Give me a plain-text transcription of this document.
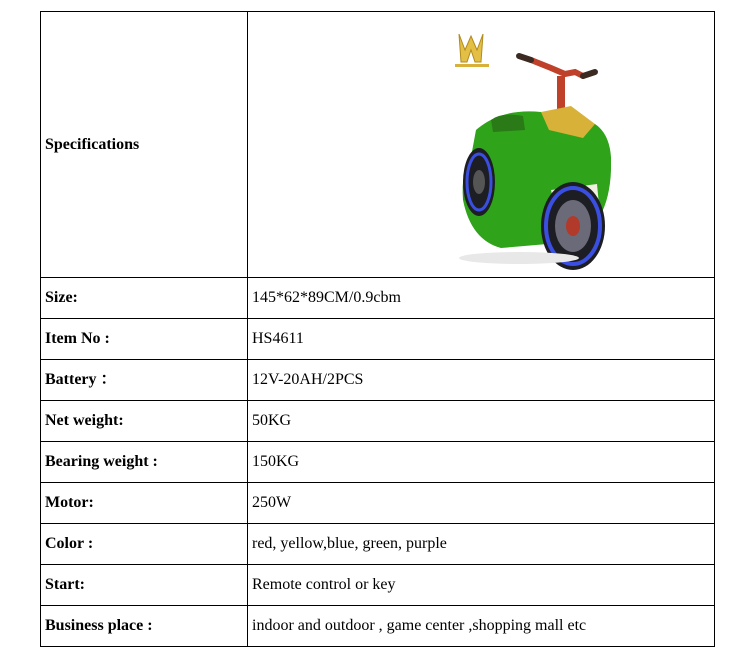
Specifications	

Size:	145*62*89CM/0.9cbm
Item No :	HS4611
Battery ：	12V-20AH/2PCS
Net weight:	50KG
Bearing weight :	150KG
Motor:	250W
Color :	red, yellow,blue, green, purple
Start:	Remote control or key
Business place :	indoor and outdoor , game center ,shopping mall etc
